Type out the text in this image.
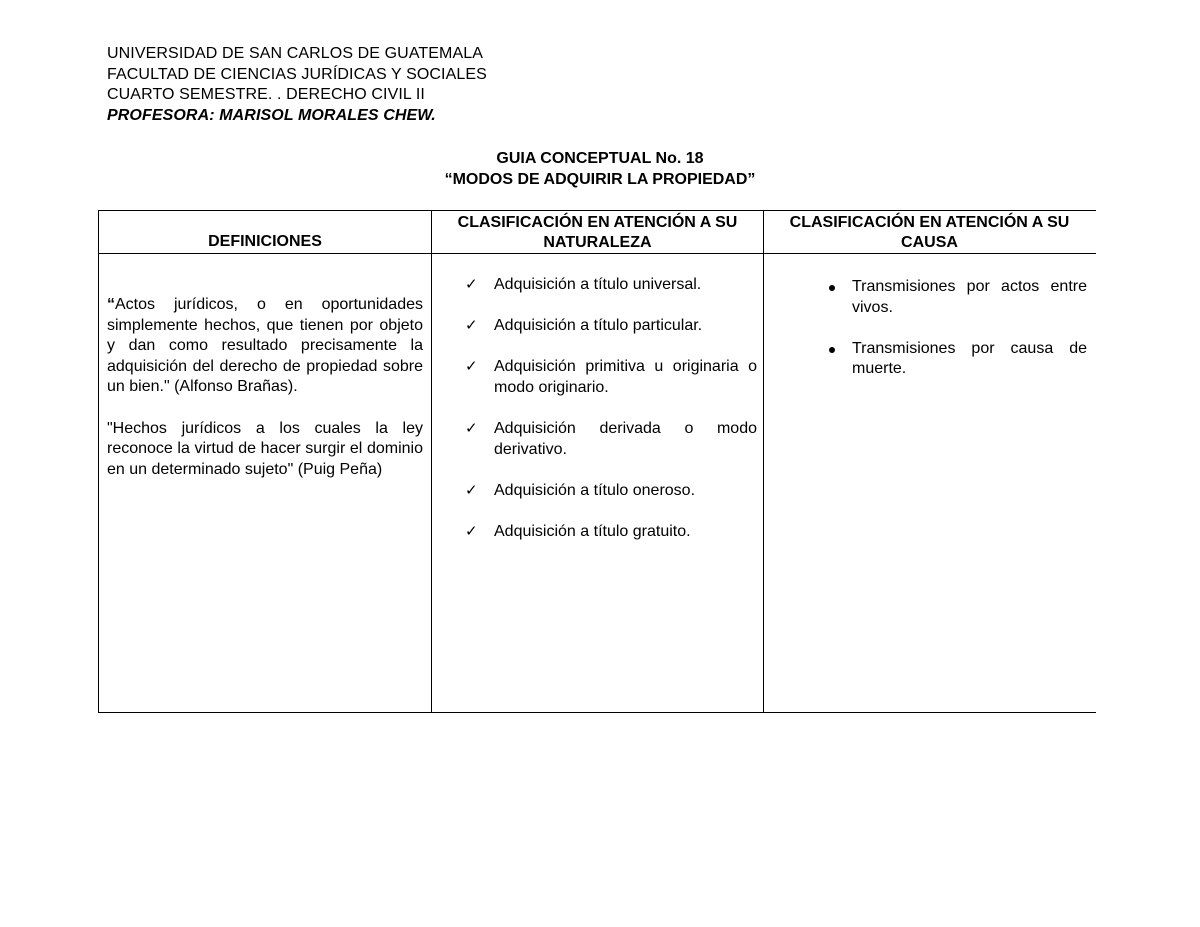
UNIVERSIDAD DE SAN CARLOS DE GUATEMALA
FACULTAD DE CIENCIAS JURÍDICAS Y SOCIALES
CUARTO SEMESTRE. . DERECHO CIVIL II
PROFESORA: MARISOL MORALES CHEW.
GUIA CONCEPTUAL No. 18
“MODOS DE ADQUIRIR LA PROPIEDAD”
DEFINICIONES
CLASIFICACIÓN EN ATENCIÓN A SU NATURALEZA
CLASIFICACIÓN EN ATENCIÓN A SU CAUSA

“Actos jurídicos, o en oportunidades simplemente hechos, que tienen por objeto y dan como resultado precisamente la adquisición del derecho de propiedad sobre un bien." (Alfonso Brañas).

"Hechos jurídicos a los cuales la ley reconoce la virtud de hacer surgir el dominio en un determinado sujeto" (Puig Peña)

✓ Adquisición a título universal.
✓ Adquisición a título particular.
✓ Adquisición primitiva u originaria o modo originario.
✓ Adquisición derivada o modo derivativo.
✓ Adquisición a título oneroso.
✓ Adquisición a título gratuito.
Transmisiones por actos entre vivos.
Transmisiones por causa de muerte.
